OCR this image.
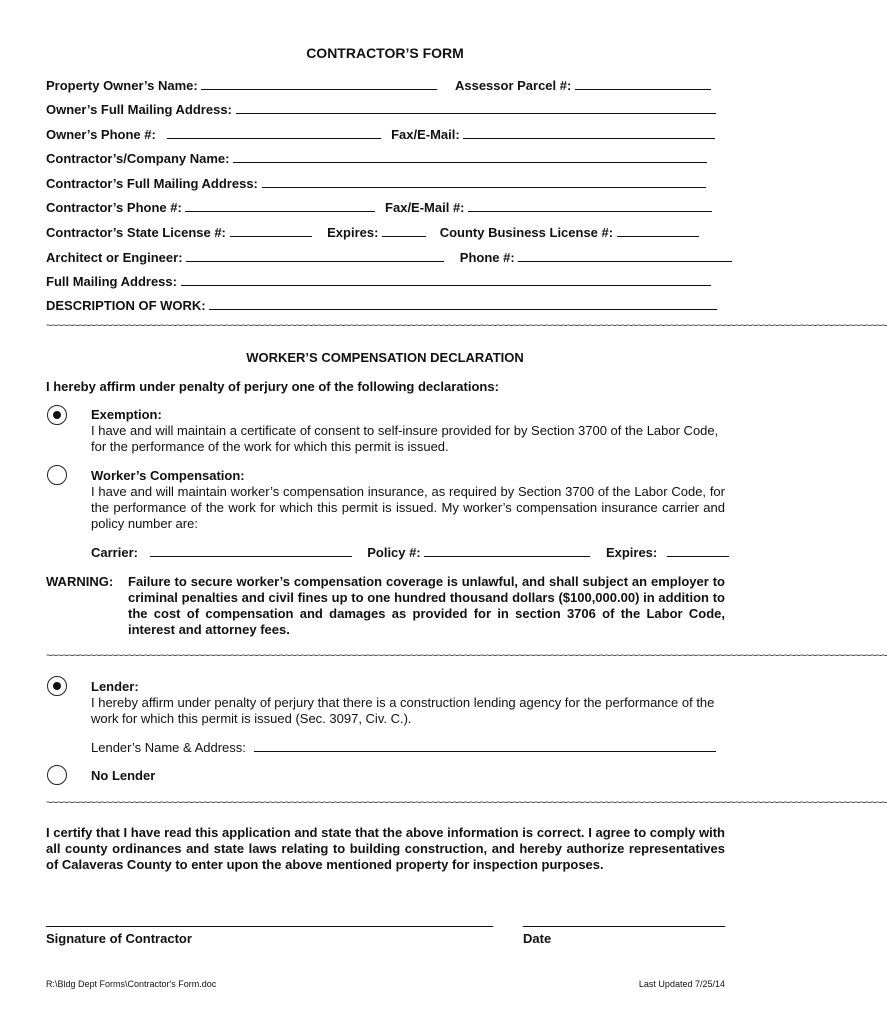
CONTRACTOR’S FORM
Property Owner’s Name:	Assessor Parcel #:
Owner’s Full Mailing Address:
Owner’s Phone #:	Fax/E-Mail:
Contractor’s/Company Name:
Contractor’s Full Mailing Address:
Contractor’s Phone #:	Fax/E-Mail #:
Contractor’s State License #:	Expires:	County Business License #:
Architect or Engineer:	Phone #:
Full Mailing Address:
DESCRIPTION OF WORK:
~~~~~~~~~~~~~~~~~~~~~~~~~~~~~~~~~~~~~~~~~~~~~~~~~~~~~~~~~~~~~~~~~~~~~~~~~~~~~~~~~~~~~~~~~~~~~~~~~~~~~~~~~~~~~~~~~~~~~~~~~~~~~~~~~~~~~~~~~~~~~~~~~~~~~~~~~~~
WORKER’S COMPENSATION DECLARATION
I hereby affirm under penalty of perjury one of the following declarations:
Exemption:
I have and will maintain a certificate of consent to self-insure provided for by Section 3700 of the Labor Code, for the performance of the work for which this permit is issued.
Worker’s Compensation:
I have and will maintain worker’s compensation insurance, as required by Section 3700 of the Labor Code, for the performance of the work for which this permit is issued. My worker’s compensation insurance carrier and policy number are:
Carrier:	Policy #:	Expires:
WARNING: Failure to secure worker’s compensation coverage is unlawful, and shall subject an employer to criminal penalties and civil fines up to one hundred thousand dollars ($100,000.00) in addition to the cost of compensation and damages as provided for in section 3706 of the Labor Code, interest and attorney fees.
~~~~~~~~~~~~~~~~~~~~~~~~~~~~~~~~~~~~~~~~~~~~~~~~~~~~~~~~~~~~~~~~~~~~~~~~~~~~~~~~~~~~~~~~~~~~~~~~~~~~~~~~~~~~~~~~~~~~~~~~~~~~~~~~~~~~~~~~~~~~~~~~~~~~~~~~~~~
Lender:
I hereby affirm under penalty of perjury that there is a construction lending agency for the performance of the work for which this permit is issued (Sec. 3097, Civ. C.).
Lender’s Name & Address:
No Lender
~~~~~~~~~~~~~~~~~~~~~~~~~~~~~~~~~~~~~~~~~~~~~~~~~~~~~~~~~~~~~~~~~~~~~~~~~~~~~~~~~~~~~~~~~~~~~~~~~~~~~~~~~~~~~~~~~~~~~~~~~~~~~~~~~~~~~~~~~~~~~~~~~~~~~~~~~~~
I certify that I have read this application and state that the above information is correct. I agree to comply with all county ordinances and state laws relating to building construction, and hereby authorize representatives of Calaveras County to enter upon the above mentioned property for inspection purposes.
Signature of Contractor	Date
R:\Bldg Dept Forms\Contractor's Form.doc	Last Updated 7/25/14
